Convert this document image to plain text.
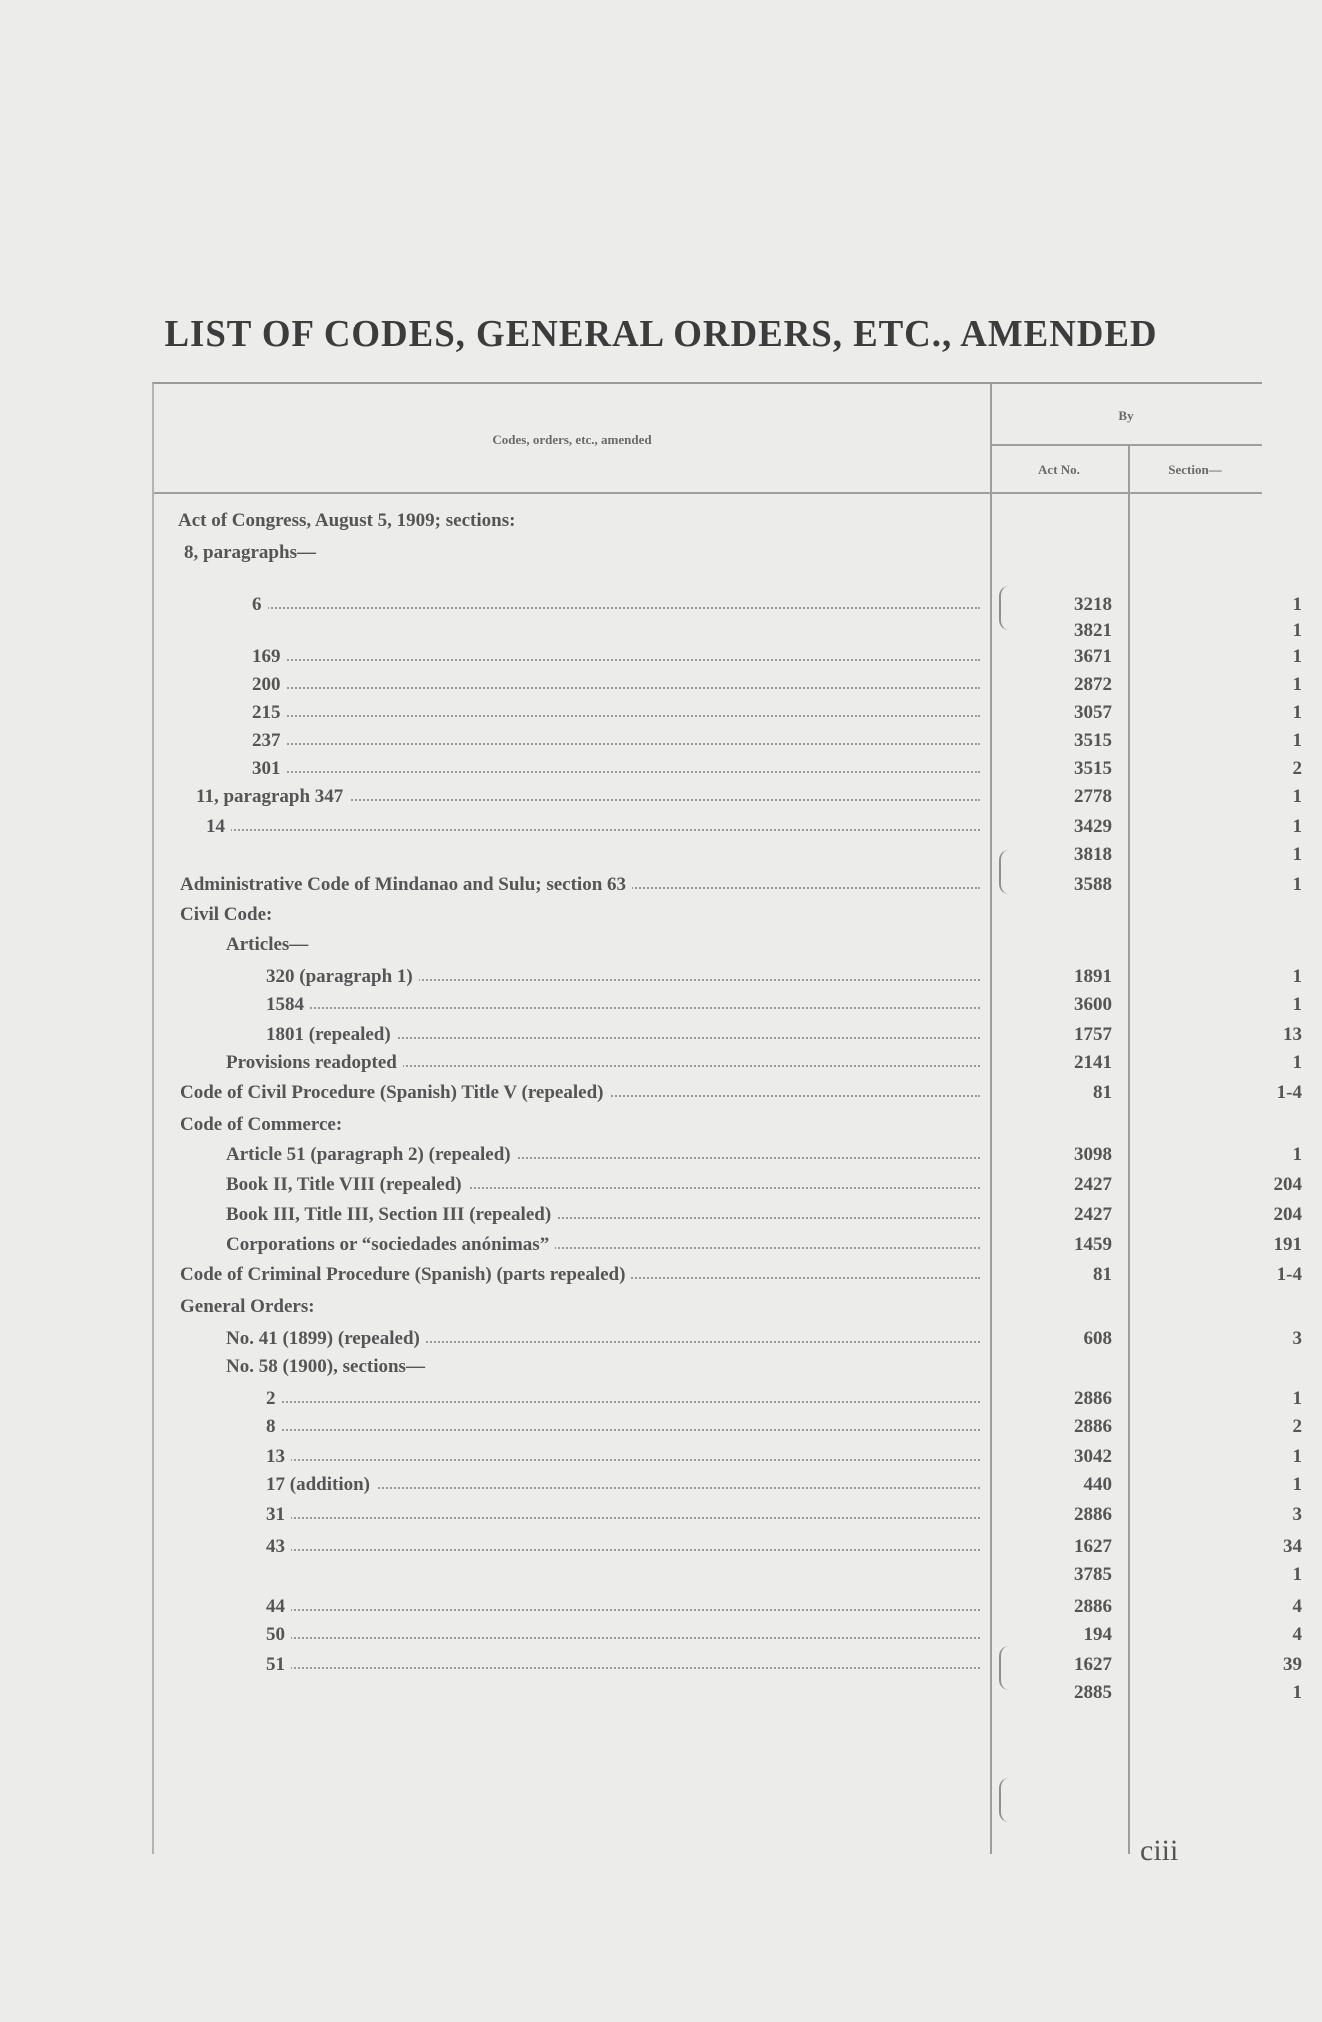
LIST OF CODES, GENERAL ORDERS, ETC., AMENDED
Codes, orders, etc., amended
By
Act No.	Section—
Act of Congress, August 5, 1909; sections:
8, paragraphs—
6	3218	1
3821	1
169	3671	1
200	2872	1
215	3057	1
237	3515	1
301	3515	2
11, paragraph 347	2778	1
14	3429	1
3818	1
Administrative Code of Mindanao and Sulu; section 63	3588	1
Civil Code:
Articles—
320 (paragraph 1)	1891	1
1584	3600	1
1801 (repealed)	1757	13
Provisions readopted	2141	1
Code of Civil Procedure (Spanish) Title V (repealed)	81	1-4
Code of Commerce:
Article 51 (paragraph 2) (repealed)	3098	1
Book II, Title VIII (repealed)	2427	204
Book III, Title III, Section III (repealed)	2427	204
Corporations or “sociedades anónimas”	1459	191
Code of Criminal Procedure (Spanish) (parts repealed)	81	1-4
General Orders:
No. 41 (1899) (repealed)	608	3
No. 58 (1900), sections—
2	2886	1
8	2886	2
13	3042	1
17 (addition)	440	1
31	2886	3
43	1627	34
3785	1
44	2886	4
50	194	4
51	1627	39
2885	1
ciii
